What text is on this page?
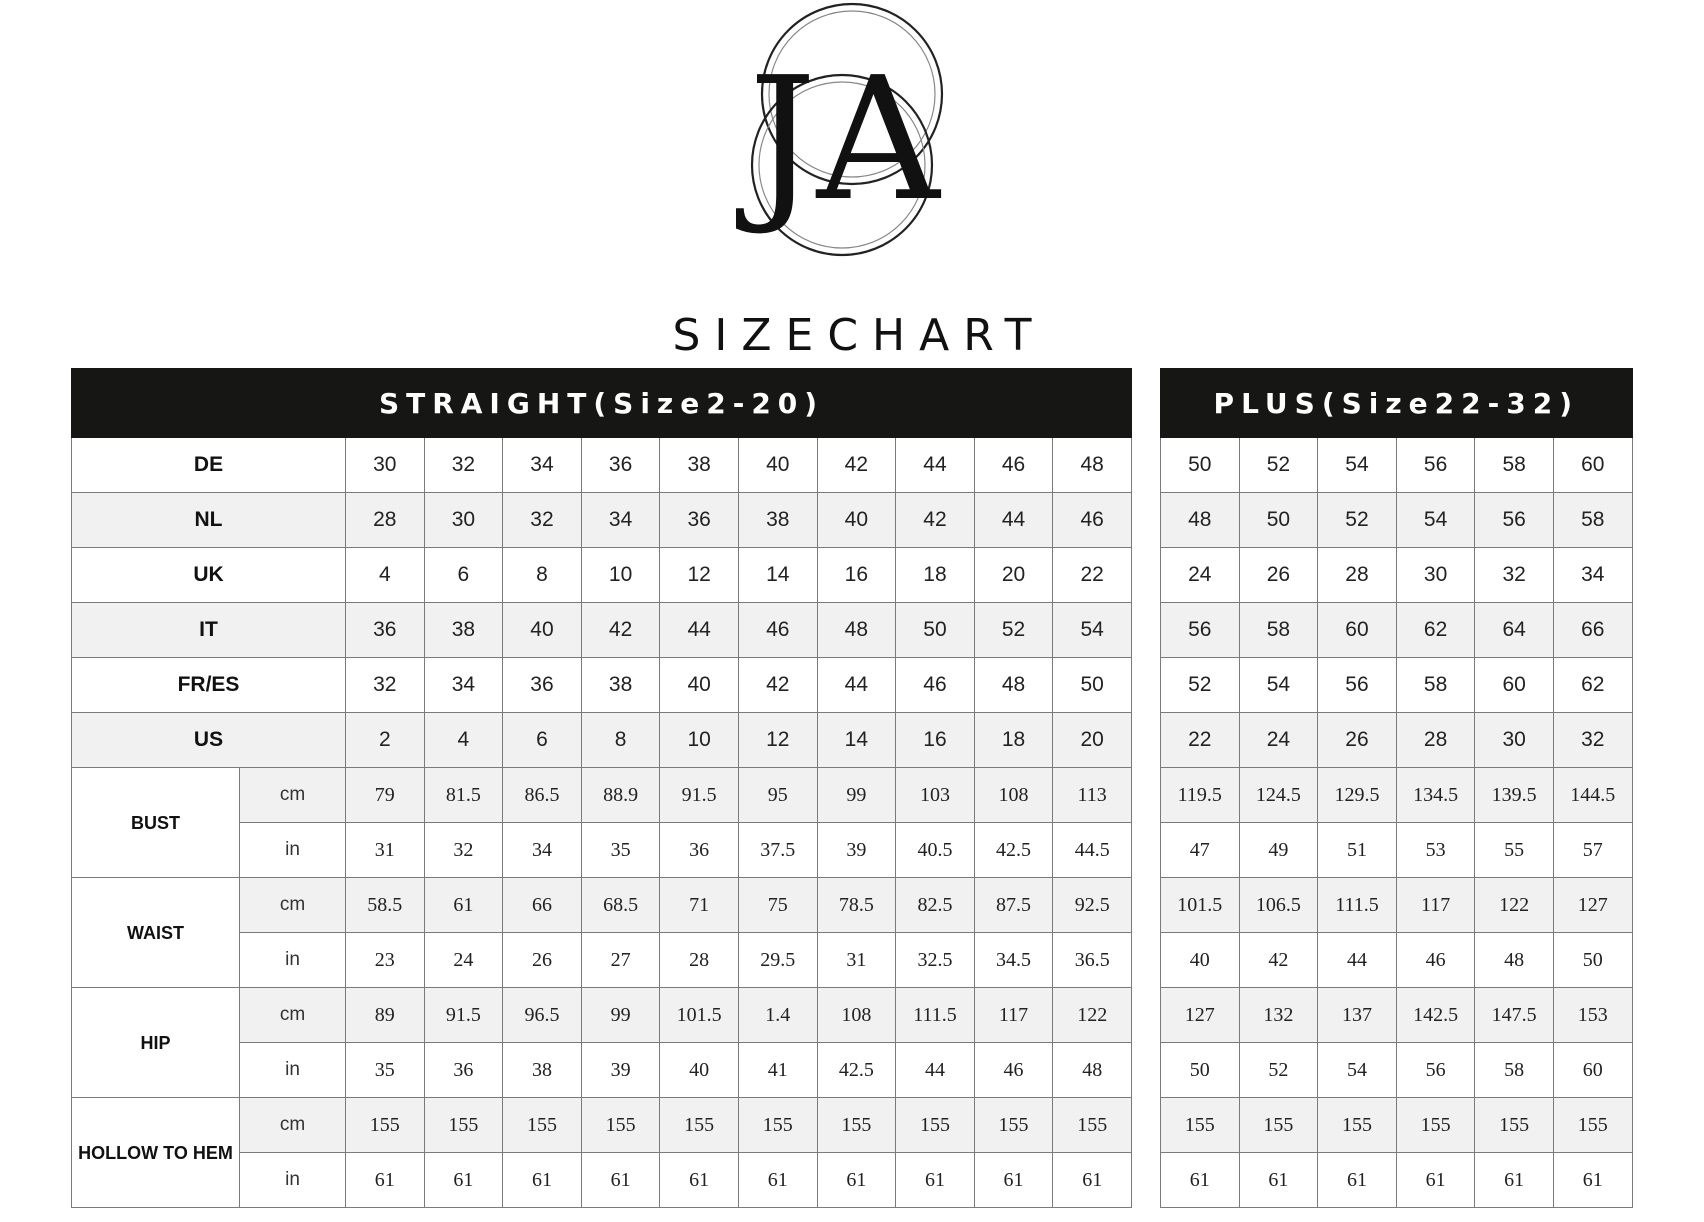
JA
SIZECHART
STRAIGHT(Size2-20)											
DE		30	32	34	36	38	40	42	44	46	48
NL		28	30	32	34	36	38	40	42	44	46
UK		4	6	8	10	12	14	16	18	20	22
IT		36	38	40	42	44	46	48	50	52	54
FR/ES		32	34	36	38	40	42	44	46	48	50
US		2	4	6	8	10	12	14	16	18	20
BUST	cm	79	81.5	86.5	88.9	91.5	95	99	103	108	113
	in	31	32	34	35	36	37.5	39	40.5	42.5	44.5
WAIST	cm	58.5	61	66	68.5	71	75	78.5	82.5	87.5	92.5
	in	23	24	26	27	28	29.5	31	32.5	34.5	36.5
HIP	cm	89	91.5	96.5	99	101.5	1.4	108	111.5	117	122
	in	35	36	38	39	40	41	42.5	44	46	48
HOLLOW TO HEM	cm	155	155	155	155	155	155	155	155	155	155
	in	61	61	61	61	61	61	61	61	61	61
PLUS(Size22-32)					
50	52	54	56	58	60
48	50	52	54	56	58
24	26	28	30	32	34
56	58	60	62	64	66
52	54	56	58	60	62
22	24	26	28	30	32
119.5	124.5	129.5	134.5	139.5	144.5
47	49	51	53	55	57
101.5	106.5	111.5	117	122	127
40	42	44	46	48	50
127	132	137	142.5	147.5	153
50	52	54	56	58	60
155	155	155	155	155	155
61	61	61	61	61	61
